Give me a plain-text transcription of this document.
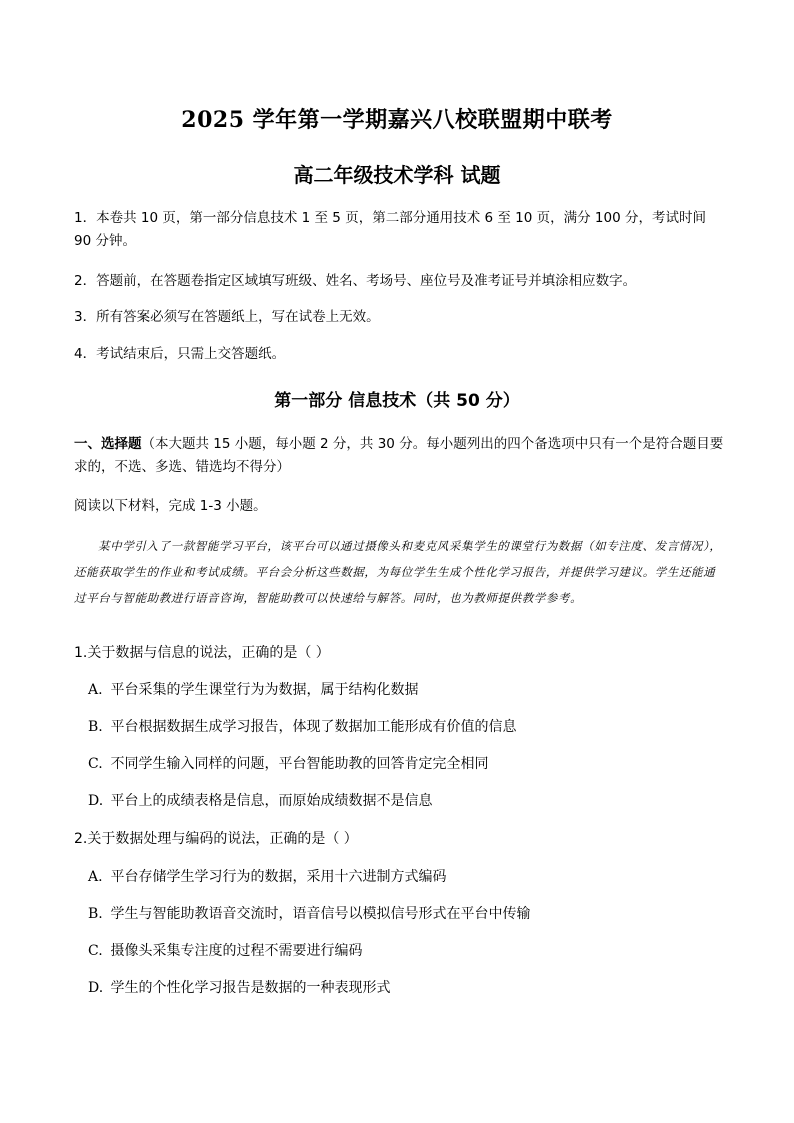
2025 学年第一学期嘉兴八校联盟期中联考
高二年级技术学科 试题
1．本卷共 10 页，第一部分信息技术 1 至 5 页，第二部分通用技术 6 至 10 页，满分 100 分，考试时间 90 分钟。
2．答题前，在答题卷指定区域填写班级、姓名、考场号、座位号及准考证号并填涂相应数字。
3．所有答案必须写在答题纸上，写在试卷上无效。
4．考试结束后，只需上交答题纸。
第一部分 信息技术（共 50 分）
一、选择题（本大题共 15 小题，每小题 2 分，共 30 分。每小题列出的四个备选项中只有一个是符合题目要求的，不选、多选、错选均不得分）
阅读以下材料，完成 1-3 小题。
某中学引入了一款智能学习平台，该平台可以通过摄像头和麦克风采集学生的课堂行为数据（如专注度、发言情况），还能获取学生的作业和考试成绩。平台会分析这些数据，为每位学生生成个性化学习报告，并提供学习建议。学生还能通过平台与智能助教进行语音咨询，智能助教可以快速给与解答。同时，也为教师提供教学参考。
1.关于数据与信息的说法，正确的是（ ）
A. 平台采集的学生课堂行为为数据，属于结构化数据
B. 平台根据数据生成学习报告，体现了数据加工能形成有价值的信息
C. 不同学生输入同样的问题，平台智能助教的回答肯定完全相同
D. 平台上的成绩表格是信息，而原始成绩数据不是信息
2.关于数据处理与编码的说法，正确的是（ ）
A. 平台存储学生学习行为的数据，采用十六进制方式编码
B. 学生与智能助教语音交流时，语音信号以模拟信号形式在平台中传输
C. 摄像头采集专注度的过程不需要进行编码
D. 学生的个性化学习报告是数据的一种表现形式
